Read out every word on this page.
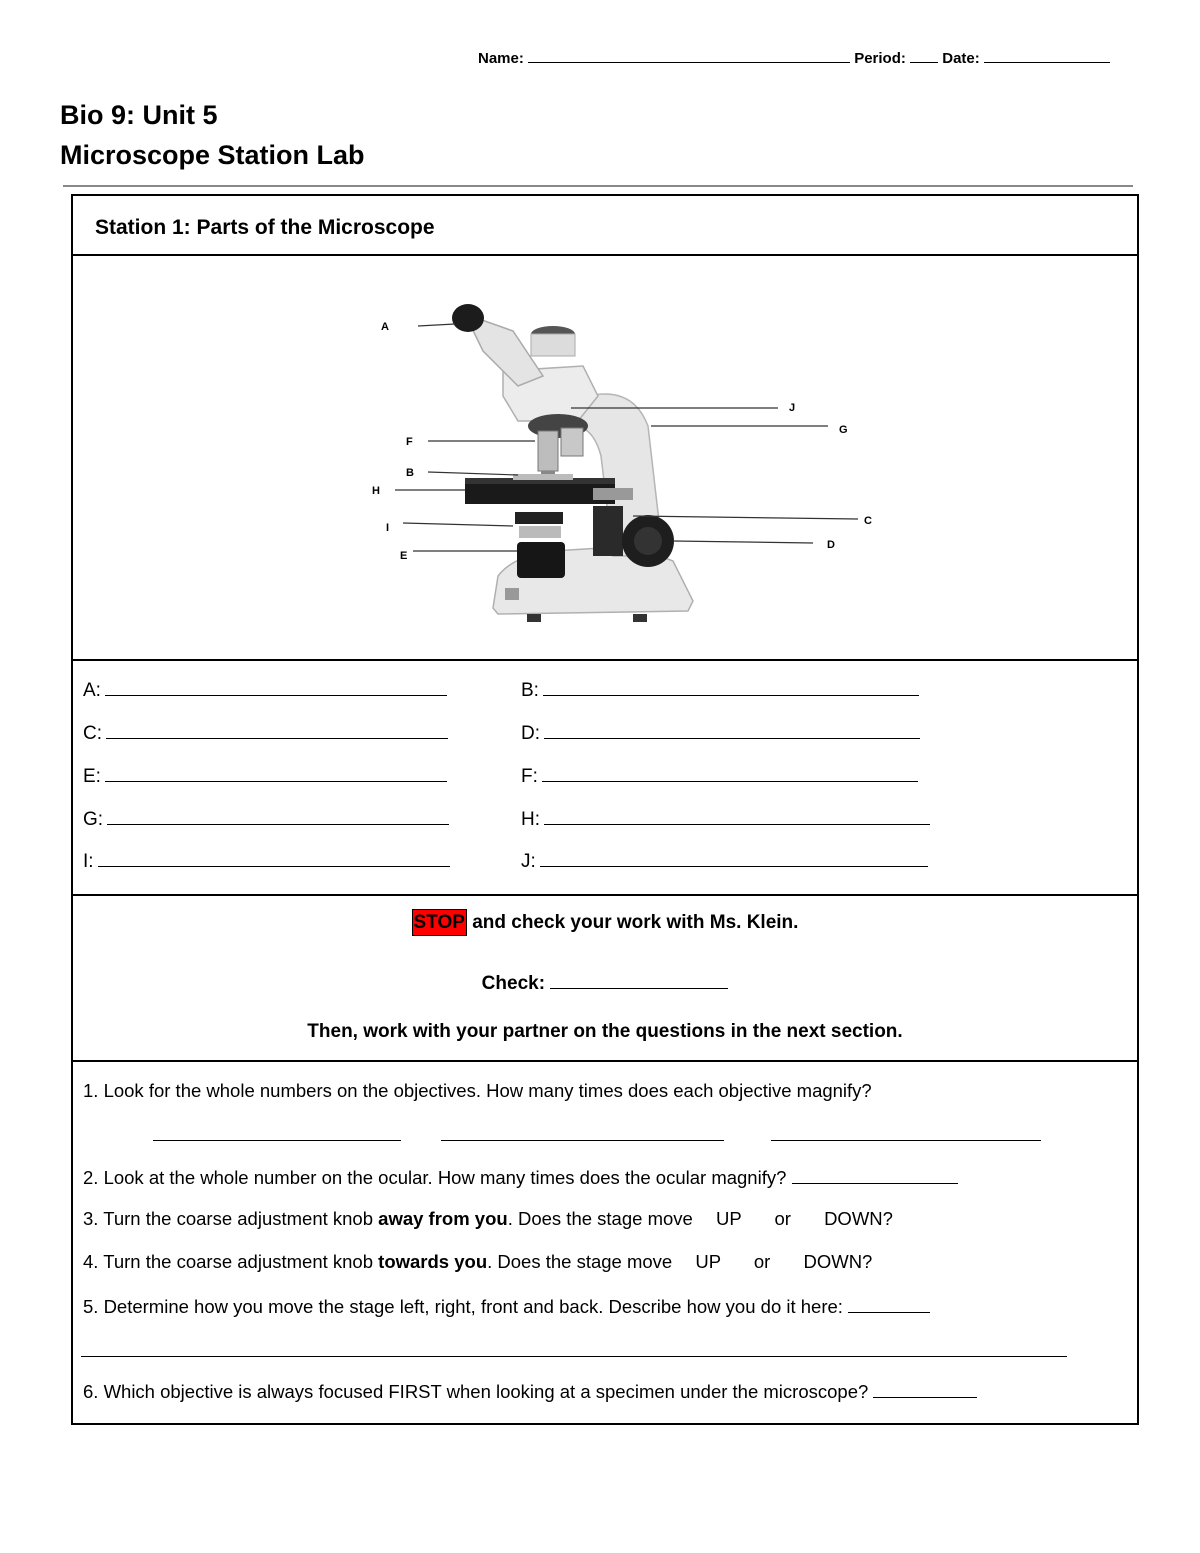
Name:	Period: Date:
Bio 9: Unit 5
Microscope Station Lab
Station 1: Parts of the Microscope
A
B
C
D
E
F
G
H
I
J
A:	B:
C:	D:
E:	F:
G:	H:
I:	J:
STOP and check your work with Ms. Klein.
Check:
Then, work with your partner on the questions in the next section.
1. Look for the whole numbers on the objectives. How many times does each objective magnify?
2. Look at the whole number on the ocular. How many times does the ocular magnify?
3. Turn the coarse adjustment knob away from you. Does the stage move UP or DOWN?
4. Turn the coarse adjustment knob towards you. Does the stage move UP or DOWN?
5. Determine how you move the stage left, right, front and back. Describe how you do it here:
6. Which objective is always focused FIRST when looking at a specimen under the microscope?
